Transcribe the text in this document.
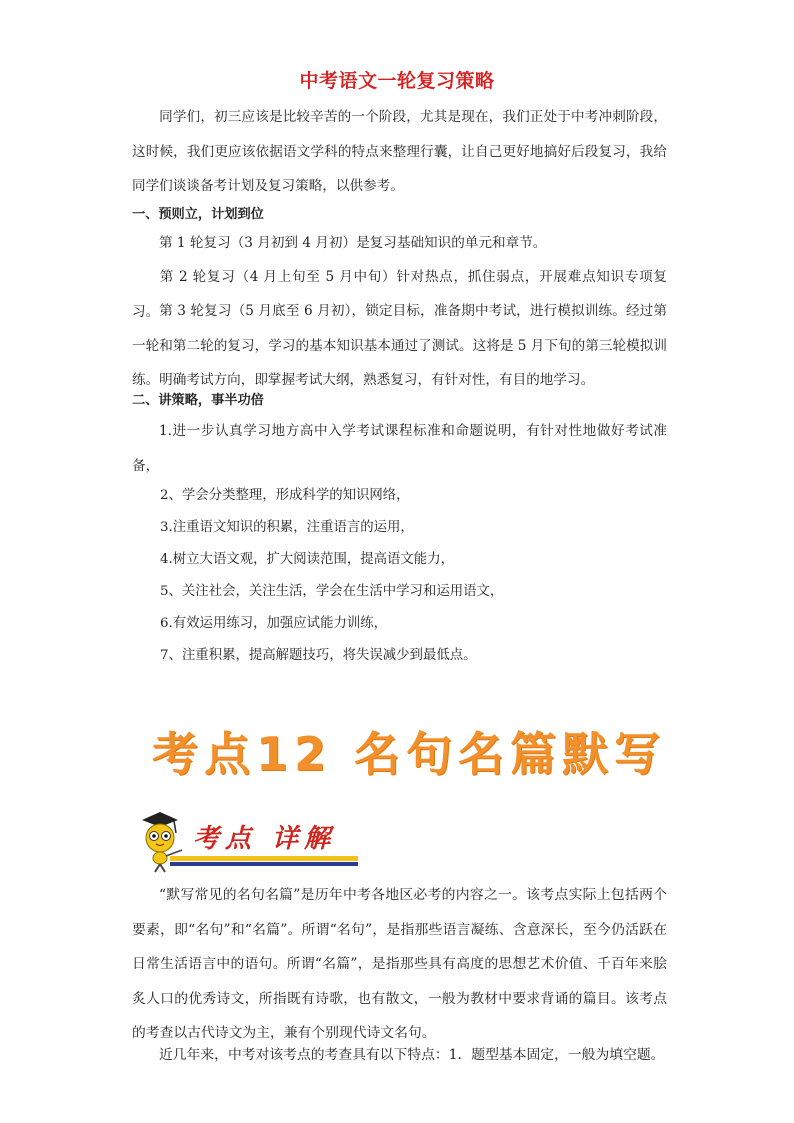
中考语文一轮复习策略

同学们，初三应该是比较辛苦的一个阶段，尤其是现在，我们正处于中考冲刺阶段，这时候，我们更应该依据语文学科的特点来整理行囊，让自己更好地搞好后段复习，我给同学们谈谈备考计划及复习策略，以供参考。

一、预则立，计划到位

第 1 轮复习（3 月初到 4 月初）是复习基础知识的单元和章节。

第 2 轮复习（4 月上旬至 5 月中旬）针对热点，抓住弱点，开展难点知识专项复习。 第 3 轮复习（5 月底至 6 月初），锁定目标，准备期中考试，进行模拟训练。经过第一轮和第二轮的复习，学习的基本知识基本通过了测试。这将是 5 月下旬的第三轮模拟训练。明确考试方向，即掌握考试大纲，熟悉复习，有针对性，有目的地学习。

二、讲策略，事半功倍

1.进一步认真学习地方高中入学考试课程标准和命题说明，有针对性地做好考试准备，

2、学会分类整理，形成科学的知识网络，
3.注重语文知识的积累，注重语言的运用，
4.树立大语文观，扩大阅读范围，提高语文能力，
5、关注社会，关注生活，学会在生活中学习和运用语文，
6.有效运用练习，加强应试能力训练，
7、注重积累，提高解题技巧，将失误减少到最低点。
考点12 名句名篇默写
考点 详解

“默写常见的名句名篇”是历年中考各地区必考的内容之一。该考点实际上包括两个要素，即“名句”和“名篇”。所谓“名句”，是指那些语言凝练、含意深长，至今仍活跃在日常生活语言中的语句。所谓“名篇”，是指那些具有高度的思想艺术价值、千百年来脍炙人口的优秀诗文，所指既有诗歌，也有散文，一般为教材中要求背诵的篇目。该考点的考查以古代诗文为主，兼有个别现代诗文名句。

近几年来，中考对该考点的考查具有以下特点：1．题型基本固定，一般为填空题。
